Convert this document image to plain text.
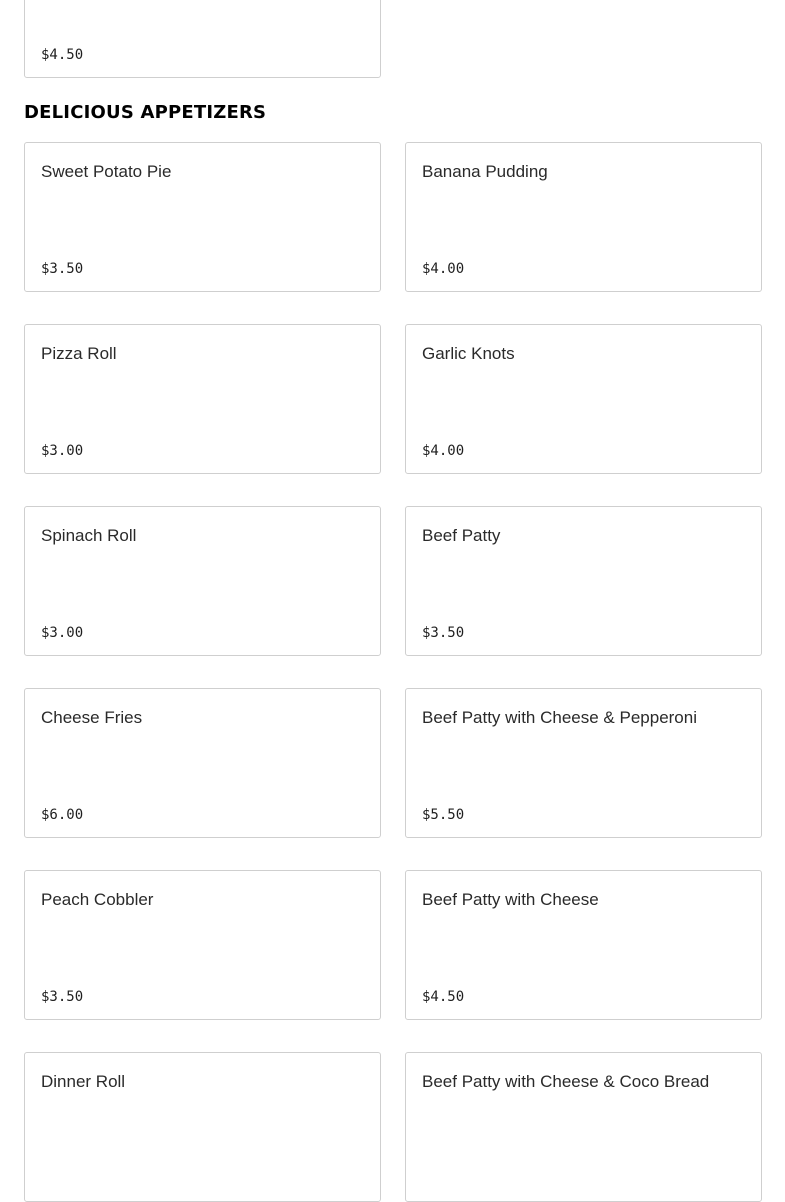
$4.50
DELICIOUS APPETIZERS
Sweet Potato Pie
$3.50
Banana Pudding
$4.00
Pizza Roll
$3.00
Garlic Knots
$4.00
Spinach Roll
$3.00
Beef Patty
$3.50
Cheese Fries
$6.00
Beef Patty with Cheese & Pepperoni
$5.50
Peach Cobbler
$3.50
Beef Patty with Cheese
$4.50
Dinner Roll	Beef Patty with Cheese & Coco Bread
